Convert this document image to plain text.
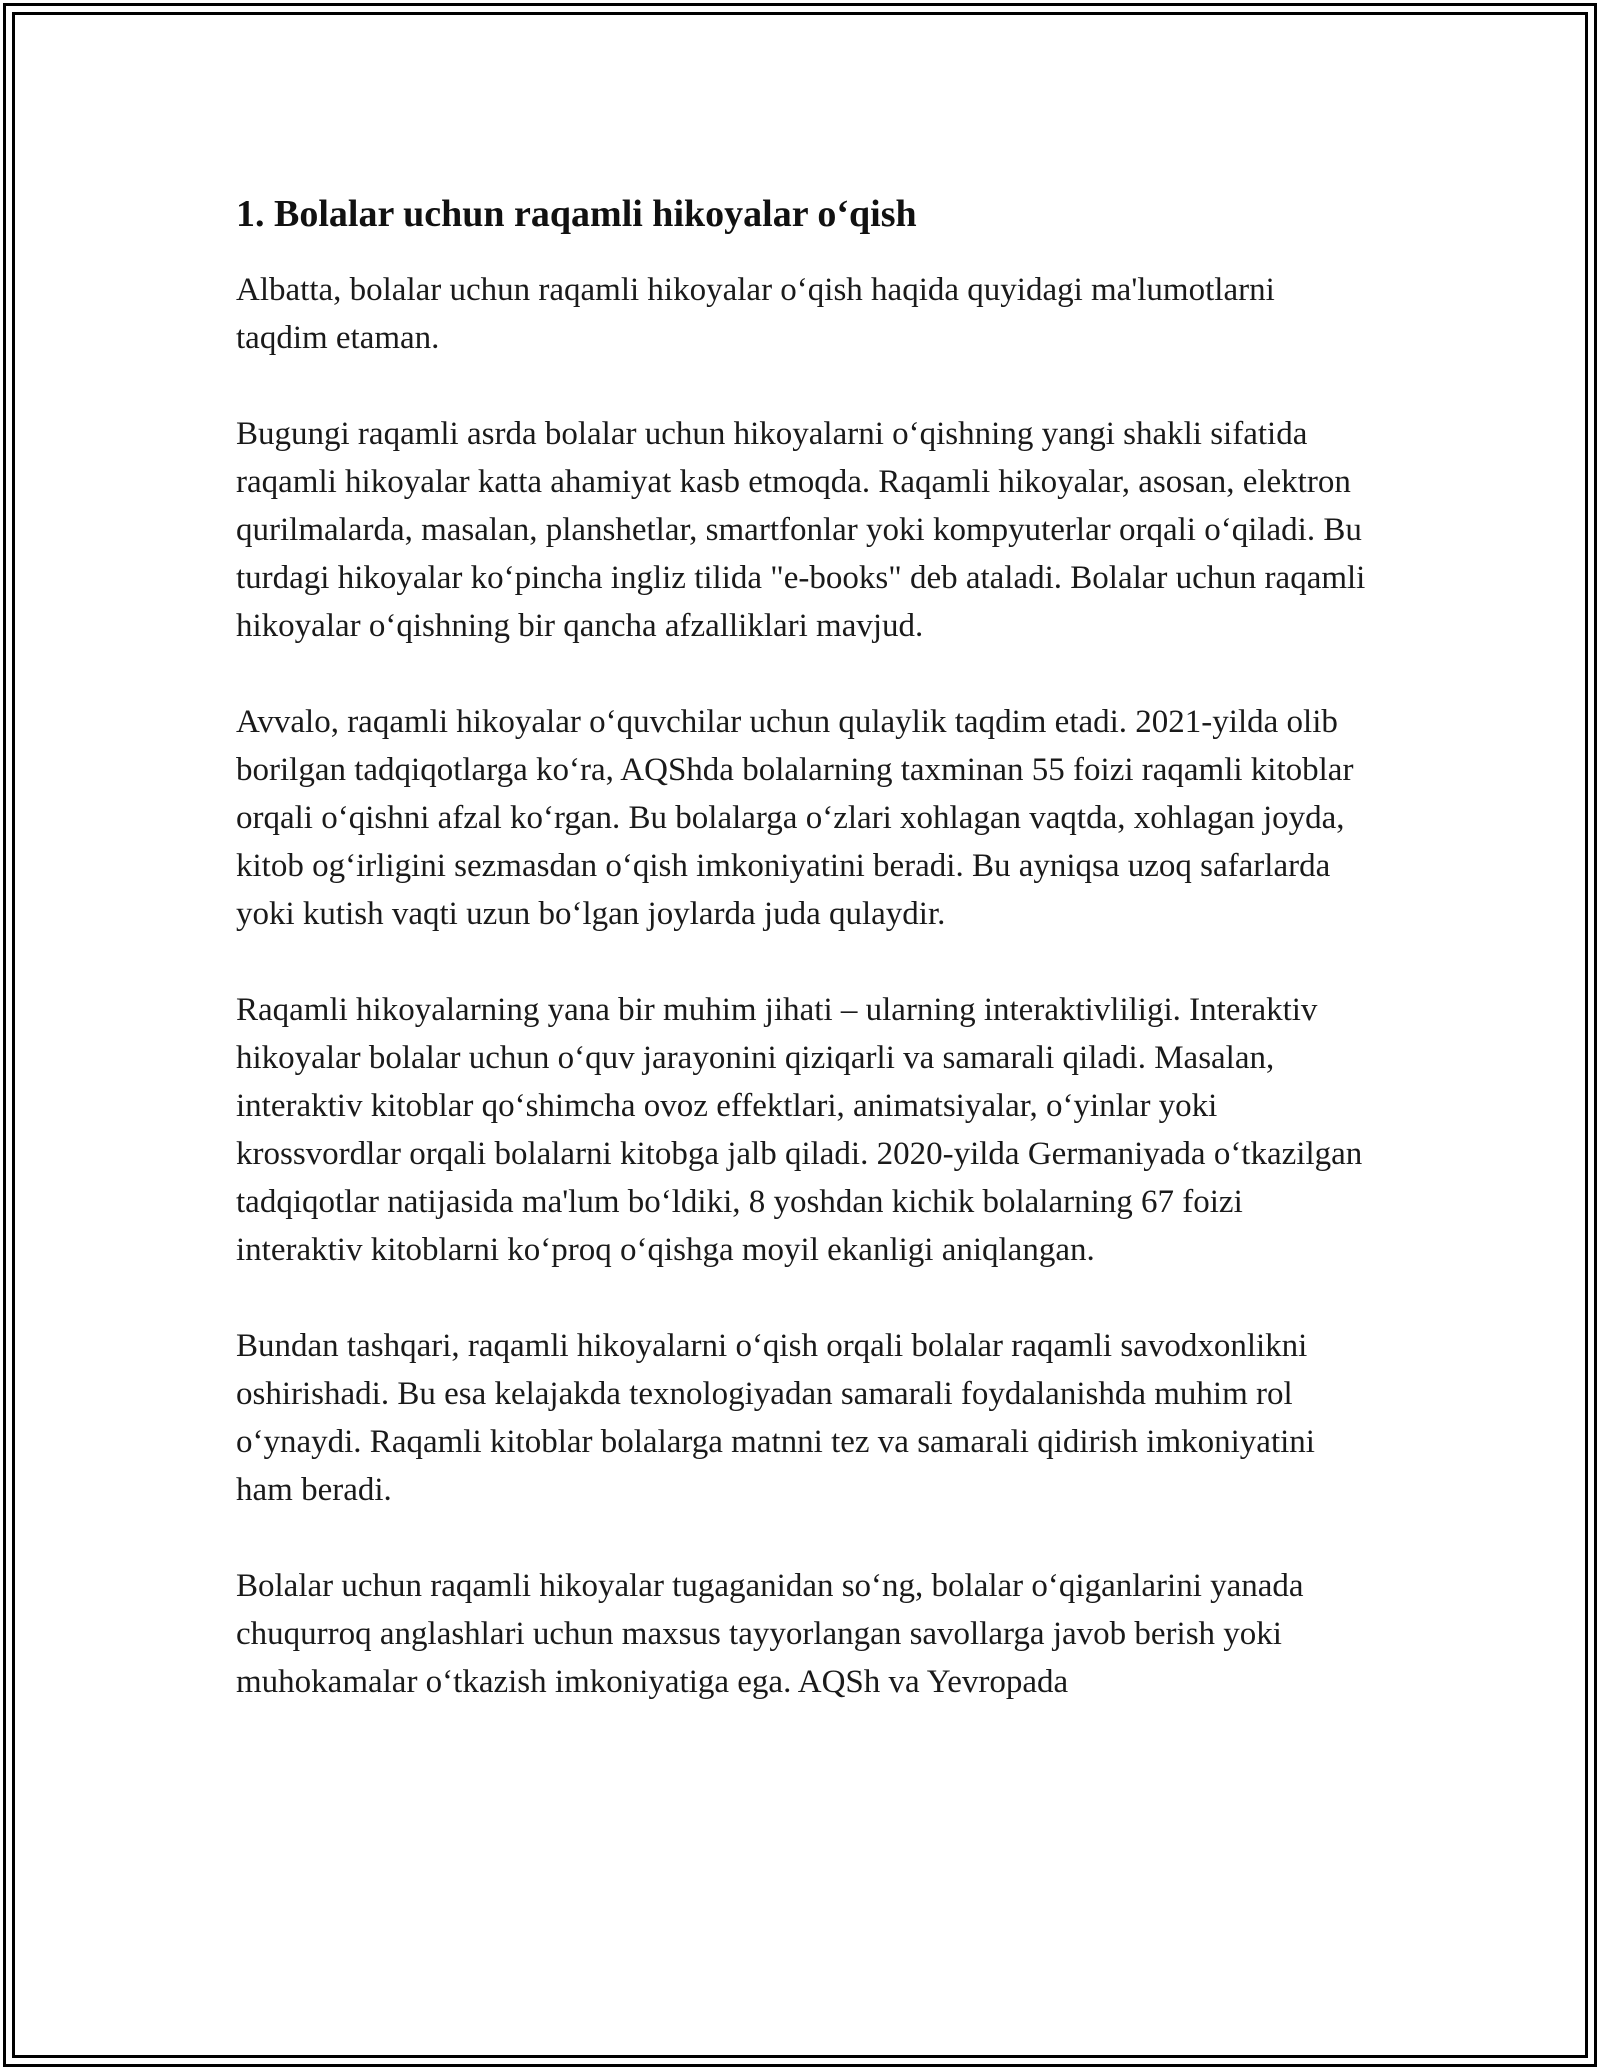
1. Bolalar uchun raqamli hikoyalar o‘qish

Albatta, bolalar uchun raqamli hikoyalar o‘qish haqida quyidagi ma'lumotlarni taqdim etaman.

Bugungi raqamli asrda bolalar uchun hikoyalarni o‘qishning yangi shakli sifatida raqamli hikoyalar katta ahamiyat kasb etmoqda. Raqamli hikoyalar, asosan, elektron qurilmalarda, masalan, planshetlar, smartfonlar yoki kompyuterlar orqali o‘qiladi. Bu turdagi hikoyalar ko‘pincha ingliz tilida "e-books" deb ataladi. Bolalar uchun raqamli hikoyalar o‘qishning bir qancha afzalliklari mavjud.

Avvalo, raqamli hikoyalar o‘quvchilar uchun qulaylik taqdim etadi. 2021-yilda olib borilgan tadqiqotlarga ko‘ra, AQShda bolalarning taxminan 55 foizi raqamli kitoblar orqali o‘qishni afzal ko‘rgan. Bu bolalarga o‘zlari xohlagan vaqtda, xohlagan joyda, kitob og‘irligini sezmasdan o‘qish imkoniyatini beradi. Bu ayniqsa uzoq safarlarda yoki kutish vaqti uzun bo‘lgan joylarda juda qulaydir.

Raqamli hikoyalarning yana bir muhim jihati – ularning interaktivliligi. Interaktiv hikoyalar bolalar uchun o‘quv jarayonini qiziqarli va samarali qiladi. Masalan, interaktiv kitoblar qo‘shimcha ovoz effektlari, animatsiyalar, o‘yinlar yoki krossvordlar orqali bolalarni kitobga jalb qiladi. 2020-yilda Germaniyada o‘tkazilgan tadqiqotlar natijasida ma'lum bo‘ldiki, 8 yoshdan kichik bolalarning 67 foizi interaktiv kitoblarni ko‘proq o‘qishga moyil ekanligi aniqlangan.

Bundan tashqari, raqamli hikoyalarni o‘qish orqali bolalar raqamli savodxonlikni oshirishadi. Bu esa kelajakda texnologiyadan samarali foydalanishda muhim rol o‘ynaydi. Raqamli kitoblar bolalarga matnni tez va samarali qidirish imkoniyatini ham beradi.

Bolalar uchun raqamli hikoyalar tugaganidan so‘ng, bolalar o‘qiganlarini yanada chuqurroq anglashlari uchun maxsus tayyorlangan savollarga javob berish yoki muhokamalar o‘tkazish imkoniyatiga ega. AQSh va Yevropada
